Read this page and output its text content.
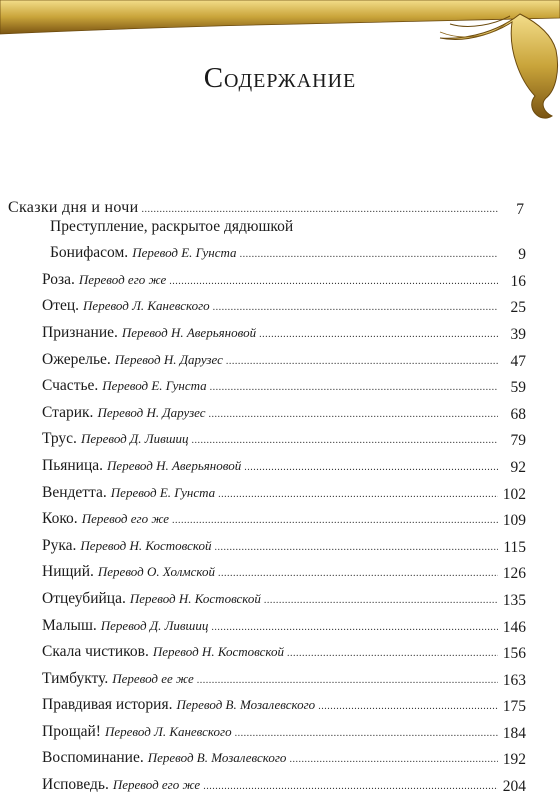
Содержание
Сказки дня и ночи .....	7
Преступление, раскрытое дядюшкой
Бонифасом. Перевод Е. Гунста .....	9
Роза. Перевод его же .....	16
Отец. Перевод Л. Каневского .....	25
Признание. Перевод Н. Аверьяновой .....	39
Ожерелье. Перевод Н. Дарузес .....	47
Счастье. Перевод Е. Гунста .....	59
Старик. Перевод Н. Дарузес .....	68
Трус. Перевод Д. Лившиц .....	79
Пьяница. Перевод Н. Аверьяновой .....	92
Вендетта. Перевод Е. Гунста .....	102
Коко. Перевод его же .....	109
Рука. Перевод Н. Костовской .....	115
Нищий. Перевод О. Холмской .....	126
Отцеубийца. Перевод Н. Костовской .....	135
Малыш. Перевод Д. Лившиц .....	146
Скала чистиков. Перевод Н. Костовской .....	156
Тимбукту. Перевод ее же .....	163
Правдивая история. Перевод В. Мозалевского .....	175
Прощай! Перевод Л. Каневского .....	184
Воспоминание. Перевод В. Мозалевского .....	192
Исповедь. Перевод его же .....	204
